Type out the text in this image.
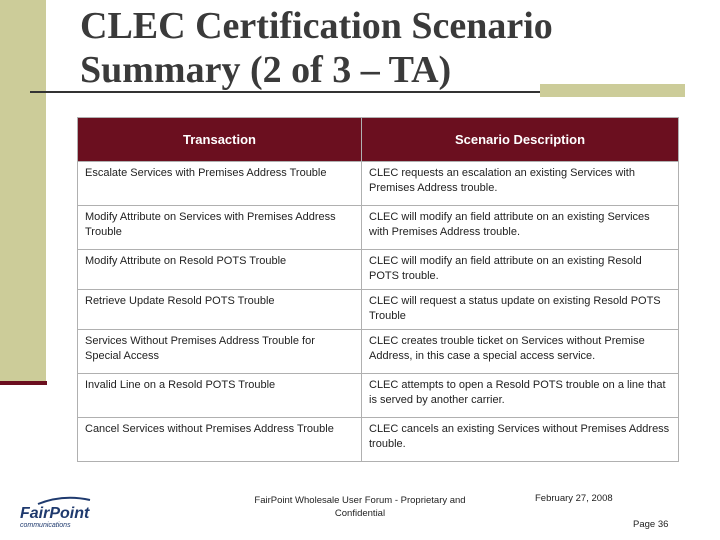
CLEC Certification Scenario Summary (2 of 3 – TA)
Transaction	Scenario Description
Escalate Services with Premises Address Trouble	CLEC requests an escalation an existing Services with Premises Address trouble.
Modify Attribute on Services with Premises Address Trouble	CLEC will modify an field attribute on an existing Services with Premises Address trouble.
Modify Attribute on Resold POTS Trouble	CLEC will modify an field attribute on an existing Resold POTS trouble.
Retrieve Update Resold POTS Trouble	CLEC will request a status update on existing Resold POTS Trouble
Services Without Premises Address Trouble for Special Access	CLEC creates trouble ticket on Services without Premise Address, in this case a special access service.
Invalid Line on a Resold POTS Trouble	CLEC attempts to open a Resold POTS trouble on a line that is served by another carrier.
Cancel Services without Premises Address Trouble	CLEC cancels an existing Services without Premises Address trouble.
FairPoint
communications
FairPoint Wholesale User Forum - Proprietary and Confidential
February 27, 2008
Page 36
